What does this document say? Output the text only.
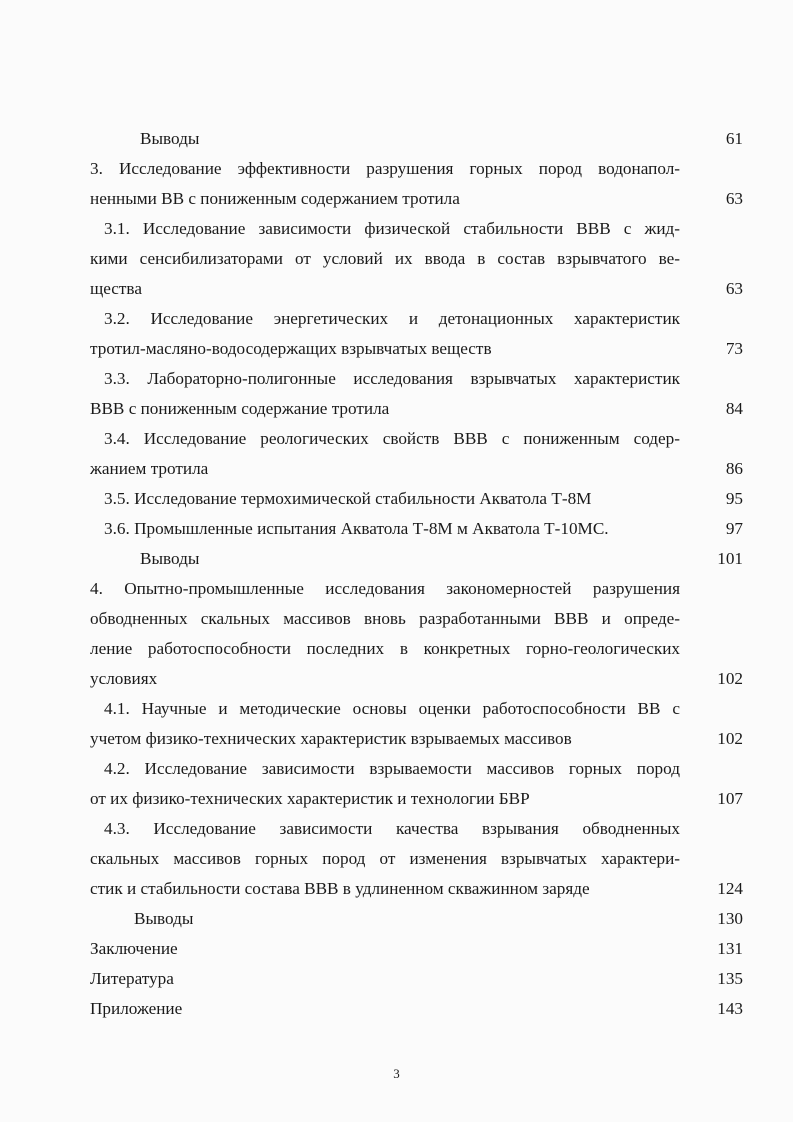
Выводы	61
3. Исследование эффективности разрушения горных пород водонапол-
ненными ВВ с пониженным содержанием тротила	63
3.1. Исследование зависимости физической стабильности ВВВ с жид-
кими сенсибилизаторами от условий их ввода в состав взрывчатого ве-
щества	63
3.2. Исследование энергетических и детонационных характеристик
тротил-масляно-водосодержащих взрывчатых веществ	73
3.3. Лабораторно-полигонные исследования взрывчатых характеристик
ВВВ с пониженным содержание тротила	84
3.4. Исследование реологических свойств ВВВ с пониженным содер-
жанием тротила	86
3.5. Исследование термохимической стабильности Акватола Т-8М	95
3.6. Промышленные испытания Акватола Т-8М м Акватола Т-10МС.	97
Выводы	101
4. Опытно-промышленные исследования закономерностей разрушения
обводненных скальных массивов вновь разработанными ВВВ и опреде-
ление работоспособности последних в конкретных горно-геологических
условиях	102
4.1. Научные и методические основы оценки работоспособности ВВ с
учетом физико-технических характеристик взрываемых массивов	102
4.2. Исследование зависимости взрываемости массивов горных пород
от их физико-технических характеристик и технологии БВР	107
4.3. Исследование зависимости качества взрывания обводненных
скальных массивов горных пород от изменения взрывчатых характери-
стик и стабильности состава ВВВ в удлиненном скважинном заряде	124
Выводы	130
Заключение	131
Литература	135
Приложение	143
3
